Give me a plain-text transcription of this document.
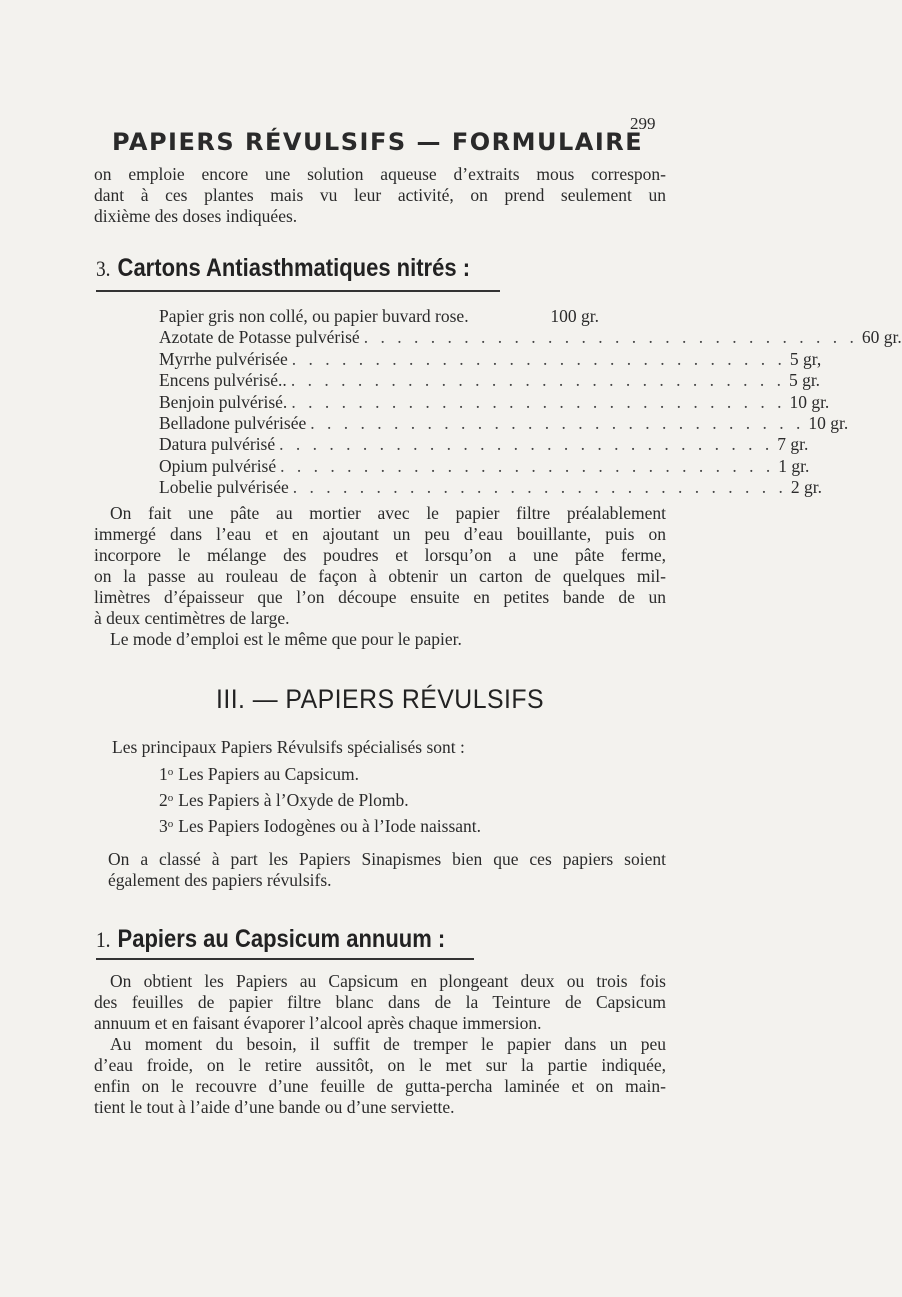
299
PAPIERS RÉVULSIFS — FORMULAIRE
on emploie encore une solution aqueuse d’extraits mous correspon-
dant à ces plantes mais vu leur activité, on prend seulement un
dixième des doses indiquées.
3. Cartons Antiasthmatiques nitrés :
Papier gris non collé, ou papier buvard rose.	100 gr.
Azotate de Potasse pulvérisé . . . . . . . . . . . . . . . . . . . . . . . . . . . . . . 60 gr.
Myrrhe pulvérisée . . . . . . . . . . . . . . . . . . . . . . . . . . . . . . 5 gr,
Encens pulvérisé.. . . . . . . . . . . . . . . . . . . . . . . . . . . . . . . 5 gr.
Benjoin pulvérisé. . . . . . . . . . . . . . . . . . . . . . . . . . . . . . . 10 gr.
Belladone pulvérisée . . . . . . . . . . . . . . . . . . . . . . . . . . . . . . 10 gr.
Datura pulvérisé . . . . . . . . . . . . . . . . . . . . . . . . . . . . . . 7 gr.
Opium pulvérisé . . . . . . . . . . . . . . . . . . . . . . . . . . . . . . 1 gr.
Lobelie pulvérisée . . . . . . . . . . . . . . . . . . . . . . . . . . . . . . 2 gr.
On fait une pâte au mortier avec le papier filtre préalablement
immergé dans l’eau et en ajoutant un peu d’eau bouillante, puis on
incorpore le mélange des poudres et lorsqu’on a une pâte ferme,
on la passe au rouleau de façon à obtenir un carton de quelques mil-
limètres d’épaisseur que l’on découpe ensuite en petites bande de un
à deux centimètres de large.
Le mode d’emploi est le même que pour le papier.
III. — PAPIERS RÉVULSIFS
Les principaux Papiers Révulsifs spécialisés sont :
1$^o$ Les Papiers au Capsicum.
2$^o$ Les Papiers à l’Oxyde de Plomb.
3$^o$ Les Papiers Iodogènes ou à l’Iode naissant.
On a classé à part les Papiers Sinapismes bien que ces papiers soient
également des papiers révulsifs.
1. Papiers au Capsicum annuum :
On obtient les Papiers au Capsicum en plongeant deux ou trois fois
des feuilles de papier filtre blanc dans de la Teinture de Capsicum
annuum et en faisant évaporer l’alcool après chaque immersion.
Au moment du besoin, il suffit de tremper le papier dans un peu
d’eau froide, on le retire aussitôt, on le met sur la partie indiquée,
enfin on le recouvre d’une feuille de gutta-percha laminée et on main-
tient le tout à l’aide d’une bande ou d’une serviette.
